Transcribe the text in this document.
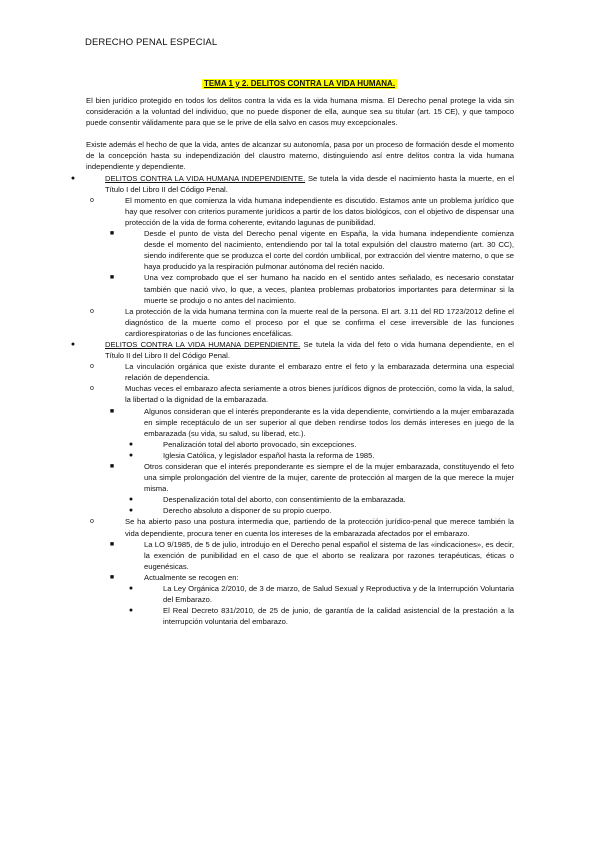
DERECHO PENAL ESPECIAL
TEMA 1 y 2. DELITOS CONTRA LA VIDA HUMANA.

El bien jurídico protegido en todos los delitos contra la vida es la vida humana misma. El Derecho penal protege la vida sin consideración a la voluntad del individuo, que no puede disponer de ella, aunque sea su titular (art. 15 CE), y que tampoco puede consentir válidamente para que se le prive de ella salvo en casos muy excepcionales.

Existe además el hecho de que la vida, antes de alcanzar su autonomía, pasa por un proceso de formación desde el momento de la concepción hasta su independización del claustro materno, distinguiendo así entre delitos contra la vida humana independiente y dependiente.

●	DELITOS CONTRA LA VIDA HUMANA INDEPENDIENTE. Se tutela la vida desde el nacimiento hasta la muerte, en el Título I del Libro II del Código Penal.
o	El momento en que comienza la vida humana independiente es discutido. Estamos ante un problema jurídico que hay que resolver con criterios puramente jurídicos a partir de los datos biológicos, con el objetivo de dispensar una protección de la vida de forma coherente, evitando lagunas de punibilidad.
■	Desde el punto de vista del Derecho penal vigente en España, la vida humana independiente comienza desde el momento del nacimiento, entendiendo por tal la total expulsión del claustro materno (art. 30 CC), siendo indiferente que se produzca el corte del cordón umbilical, por extracción del vientre materno, o que se haya producido ya la respiración pulmonar autónoma del recién nacido.
■	Una vez comprobado que el ser humano ha nacido en el sentido antes señalado, es necesario constatar también que nació vivo, lo que, a veces, plantea problemas probatorios importantes para determinar si la muerte se produjo o no antes del nacimiento.
o	La protección de la vida humana termina con la muerte real de la persona. El art. 3.11 del RD 1723/2012 define el diagnóstico de la muerte como el proceso por el que se confirma el cese irreversible de las funciones cardiorespiratorias o de las funciones encefálicas.
●	DELITOS CONTRA LA VIDA HUMANA DEPENDIENTE. Se tutela la vida del feto o vida humana dependiente, en el Título II del Libro II del Código Penal.
o	La vinculación orgánica que existe durante el embarazo entre el feto y la embarazada determina una especial relación de dependencia.
o	Muchas veces el embarazo afecta seriamente a otros bienes jurídicos dignos de protección, como la vida, la salud, la libertad o la dignidad de la embarazada.
■	Algunos consideran que el interés preponderante es la vida dependiente, convirtiendo a la mujer embarazada en simple receptáculo de un ser superior al que deben rendirse todos los demás intereses en juego de la embarazada (su vida, su salud, su liberad, etc.).
●	Penalización total del aborto provocado, sin excepciones.
●	Iglesia Católica, y legislador español hasta la reforma de 1985.
■	Otros consideran que el interés preponderante es siempre el de la mujer embarazada, constituyendo el feto una simple prolongación del vientre de la mujer, carente de protección al margen de la que merece la mujer misma.
●	Despenalización total del aborto, con consentimiento de la embarazada.
●	Derecho absoluto a disponer de su propio cuerpo.
o	Se ha abierto paso una postura intermedia que, partiendo de la protección jurídico-penal que merece también la vida dependiente, procura tener en cuenta los intereses de la embarazada afectados por el embarazo.
■	La LO 9/1985, de 5 de julio, introdujo en el Derecho penal español el sistema de las «indicaciones», es decir, la exención de punibilidad en el caso de que el aborto se realizara por razones terapéuticas, éticas o eugenésicas.
■	Actualmente se recogen en:
●	La Ley Orgánica 2/2010, de 3 de marzo, de Salud Sexual y Reproductiva y de la Interrupción Voluntaria del Embarazo.
●	El Real Decreto 831/2010, de 25 de junio, de garantía de la calidad asistencial de la prestación a la interrupción voluntaria del embarazo.
